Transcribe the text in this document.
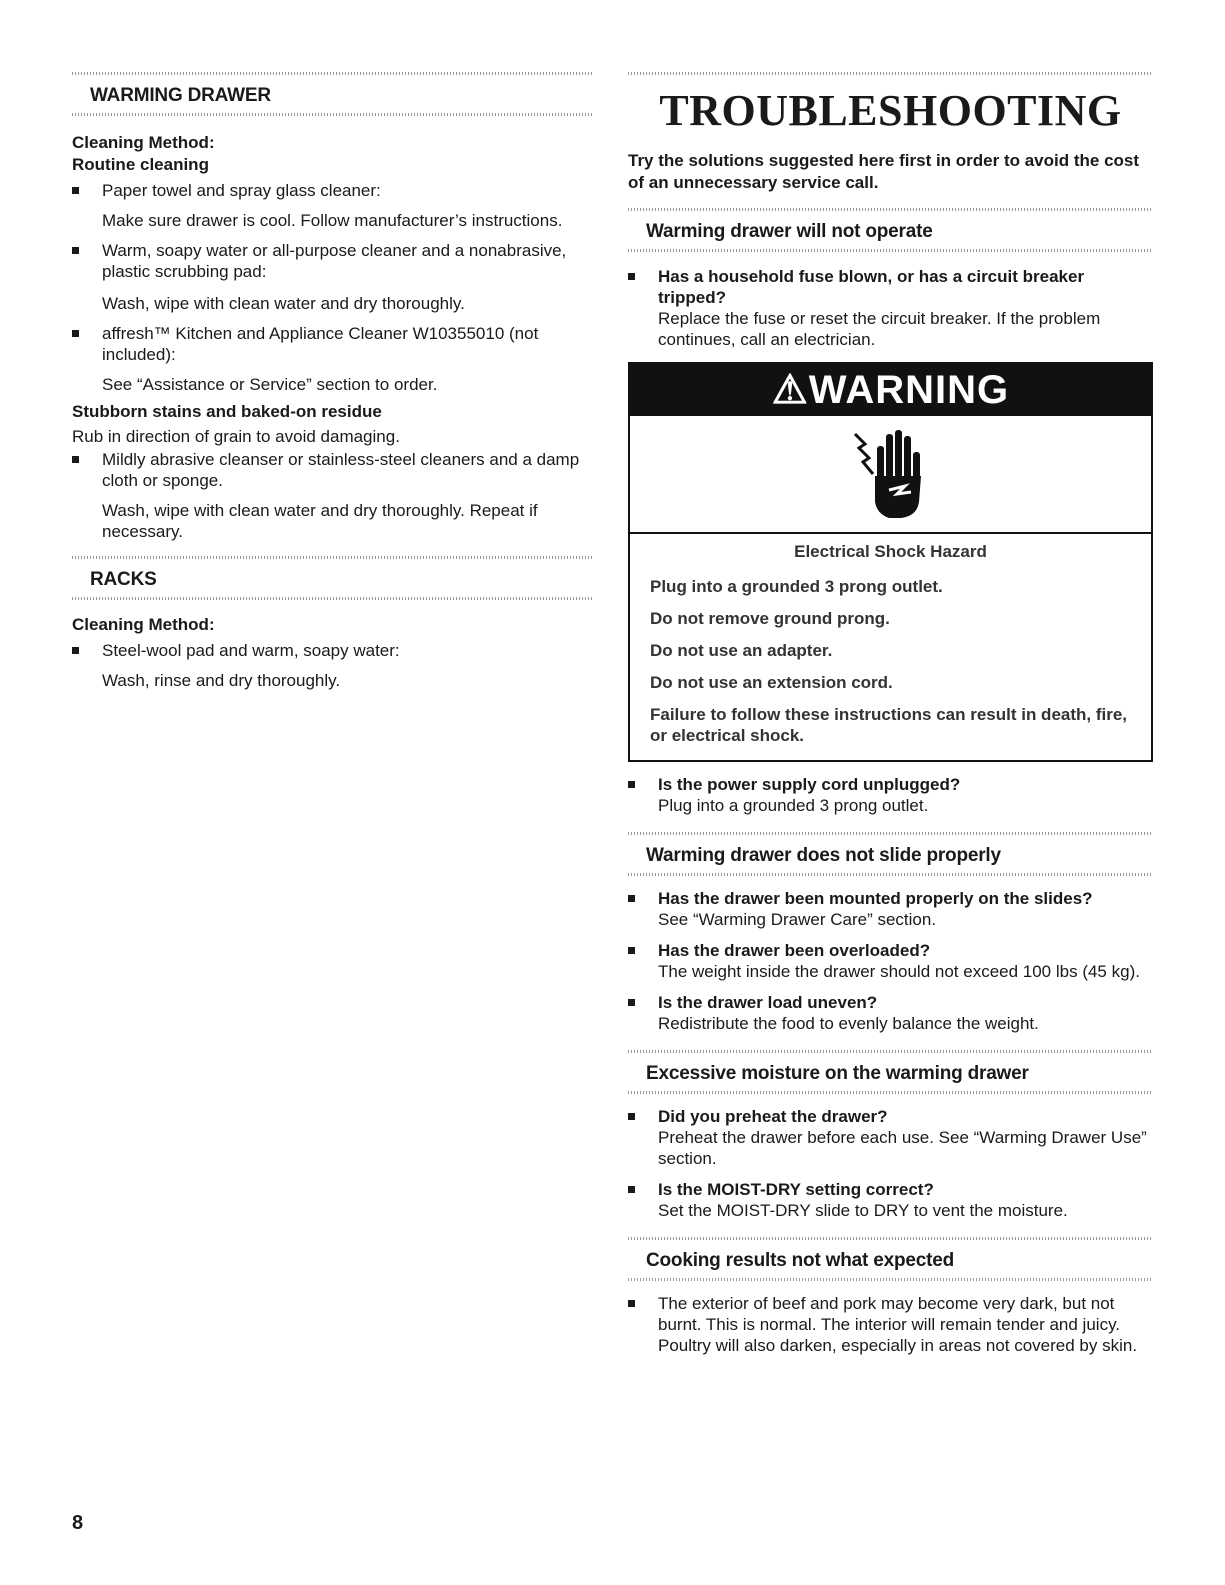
WARMING DRAWER

Cleaning Method:

Routine cleaning

Paper towel and spray glass cleaner:
Make sure drawer is cool. Follow manufacturer’s instructions.
Warm, soapy water or all-purpose cleaner and a nonabrasive, plastic scrubbing pad:
Wash, wipe with clean water and dry thoroughly.
affresh™ Kitchen and Appliance Cleaner W10355010 (not included):
See “Assistance or Service” section to order.

Stubborn stains and baked-on residue

Rub in direction of grain to avoid damaging.

Mildly abrasive cleanser or stainless-steel cleaners and a damp cloth or sponge.
Wash, wipe with clean water and dry thoroughly. Repeat if necessary.
RACKS

Cleaning Method:

Steel-wool pad and warm, soapy water:
Wash, rinse and dry thoroughly.
TROUBLESHOOTING

Try the solutions suggested here first in order to avoid the cost of an unnecessary service call.

Warming drawer will not operate
Has a household fuse blown, or has a circuit breaker tripped?
Replace the fuse or reset the circuit breaker. If the problem continues, call an electrician.
⚠WARNING
Electrical Shock Hazard

Plug into a grounded 3 prong outlet.

Do not remove ground prong.

Do not use an adapter.

Do not use an extension cord.

Failure to follow these instructions can result in death, fire, or electrical shock.

Is the power supply cord unplugged?
Plug into a grounded 3 prong outlet.
Warming drawer does not slide properly
Has the drawer been mounted properly on the slides?
See “Warming Drawer Care” section.
Has the drawer been overloaded?
The weight inside the drawer should not exceed 100 lbs (45 kg).
Is the drawer load uneven?
Redistribute the food to evenly balance the weight.
Excessive moisture on the warming drawer
Did you preheat the drawer?
Preheat the drawer before each use. See “Warming Drawer Use” section.
Is the MOIST-DRY setting correct?
Set the MOIST-DRY slide to DRY to vent the moisture.
Cooking results not what expected
The exterior of beef and pork may become very dark, but not burnt. This is normal. The interior will remain tender and juicy. Poultry will also darken, especially in areas not covered by skin.
8
